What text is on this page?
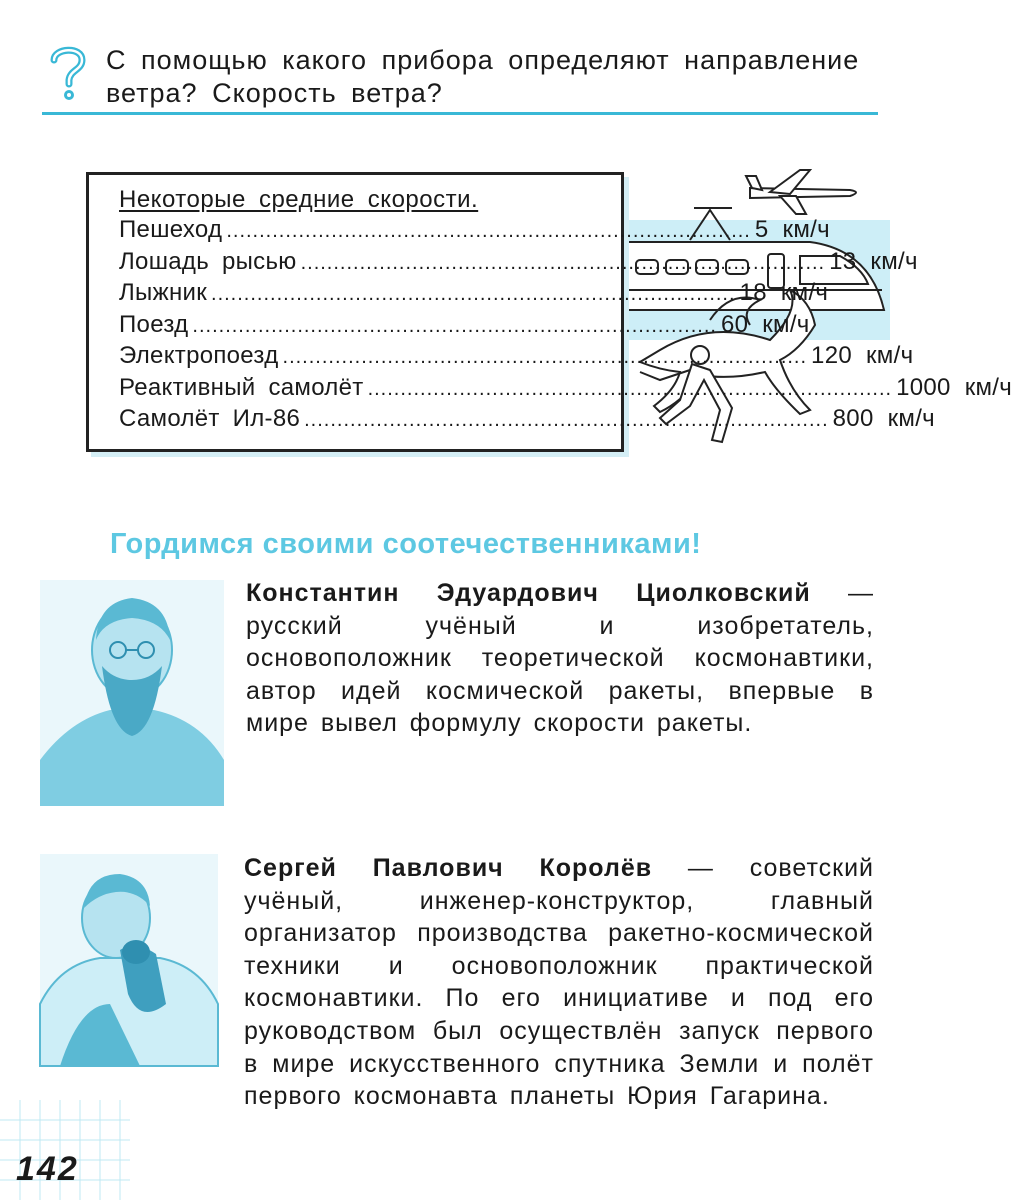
С помощью какого прибора определяют направление ветра? Скорость ветра?
Некоторые средние скорости.
Пешеход ................................................................................ 5 км/ч
Лошадь рысью ................................................................................ 13 км/ч
Лыжник ................................................................................ 18 км/ч
Поезд ................................................................................ 60 км/ч
Электропоезд ................................................................................ 120 км/ч
Реактивный самолёт ................................................................................ 1000 км/ч
Самолёт Ил-86 ................................................................................ 800 км/ч
Гордимся своими соотечественниками!
Константин Эдуардович Циолковский — русский учёный и изобретатель, основоположник теоретической космонавтики, автор идей космической ракеты, впервые в мире вывел формулу скорости ракеты.
Сергей Павлович Королёв — советский учёный, инженер-конструктор, главный организатор производства ракетно-космической техники и основоположник практической космонавтики. По его инициативе и под его руководством был осуществлён запуск первого в мире искусственного спутника Земли и полёт первого космонавта планеты Юрия Гагарина.
142
